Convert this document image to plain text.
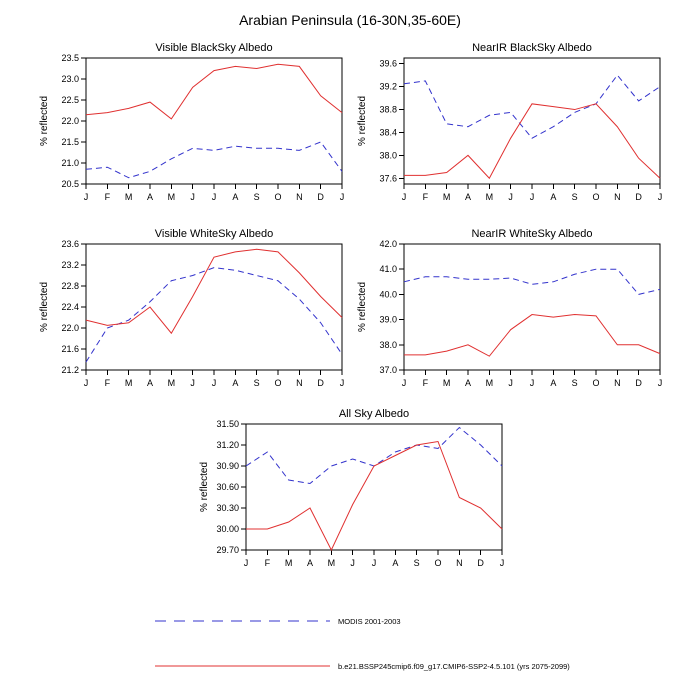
Arabian Peninsula (16-30N,35-60E)
Visible BlackSky Albedo
20.5
21.0
21.5
22.0
22.5
23.0
23.5
J F M A M J J A S O N D J
% reflected
NearIR BlackSky Albedo
37.6
38.0
38.4
38.8
39.2
39.6
J F M A M J J A S O N D J
% reflected
Visible WhiteSky Albedo
21.2
21.6
22.0
22.4
22.8
23.2
23.6
J F M A M J J A S O N D J
% reflected
NearIR WhiteSky Albedo
37.0
38.0
39.0
40.0
41.0
42.0
J F M A M J J A S O N D J
% reflected
All Sky Albedo
29.70
30.00
30.30
30.60
30.90
31.20
31.50
J F M A M J J A S O N D J
% reflected
MODIS 2001-2003
b.e21.BSSP245cmip6.f09_g17.CMIP6-SSP2-4.5.101 (yrs 2075-2099)
